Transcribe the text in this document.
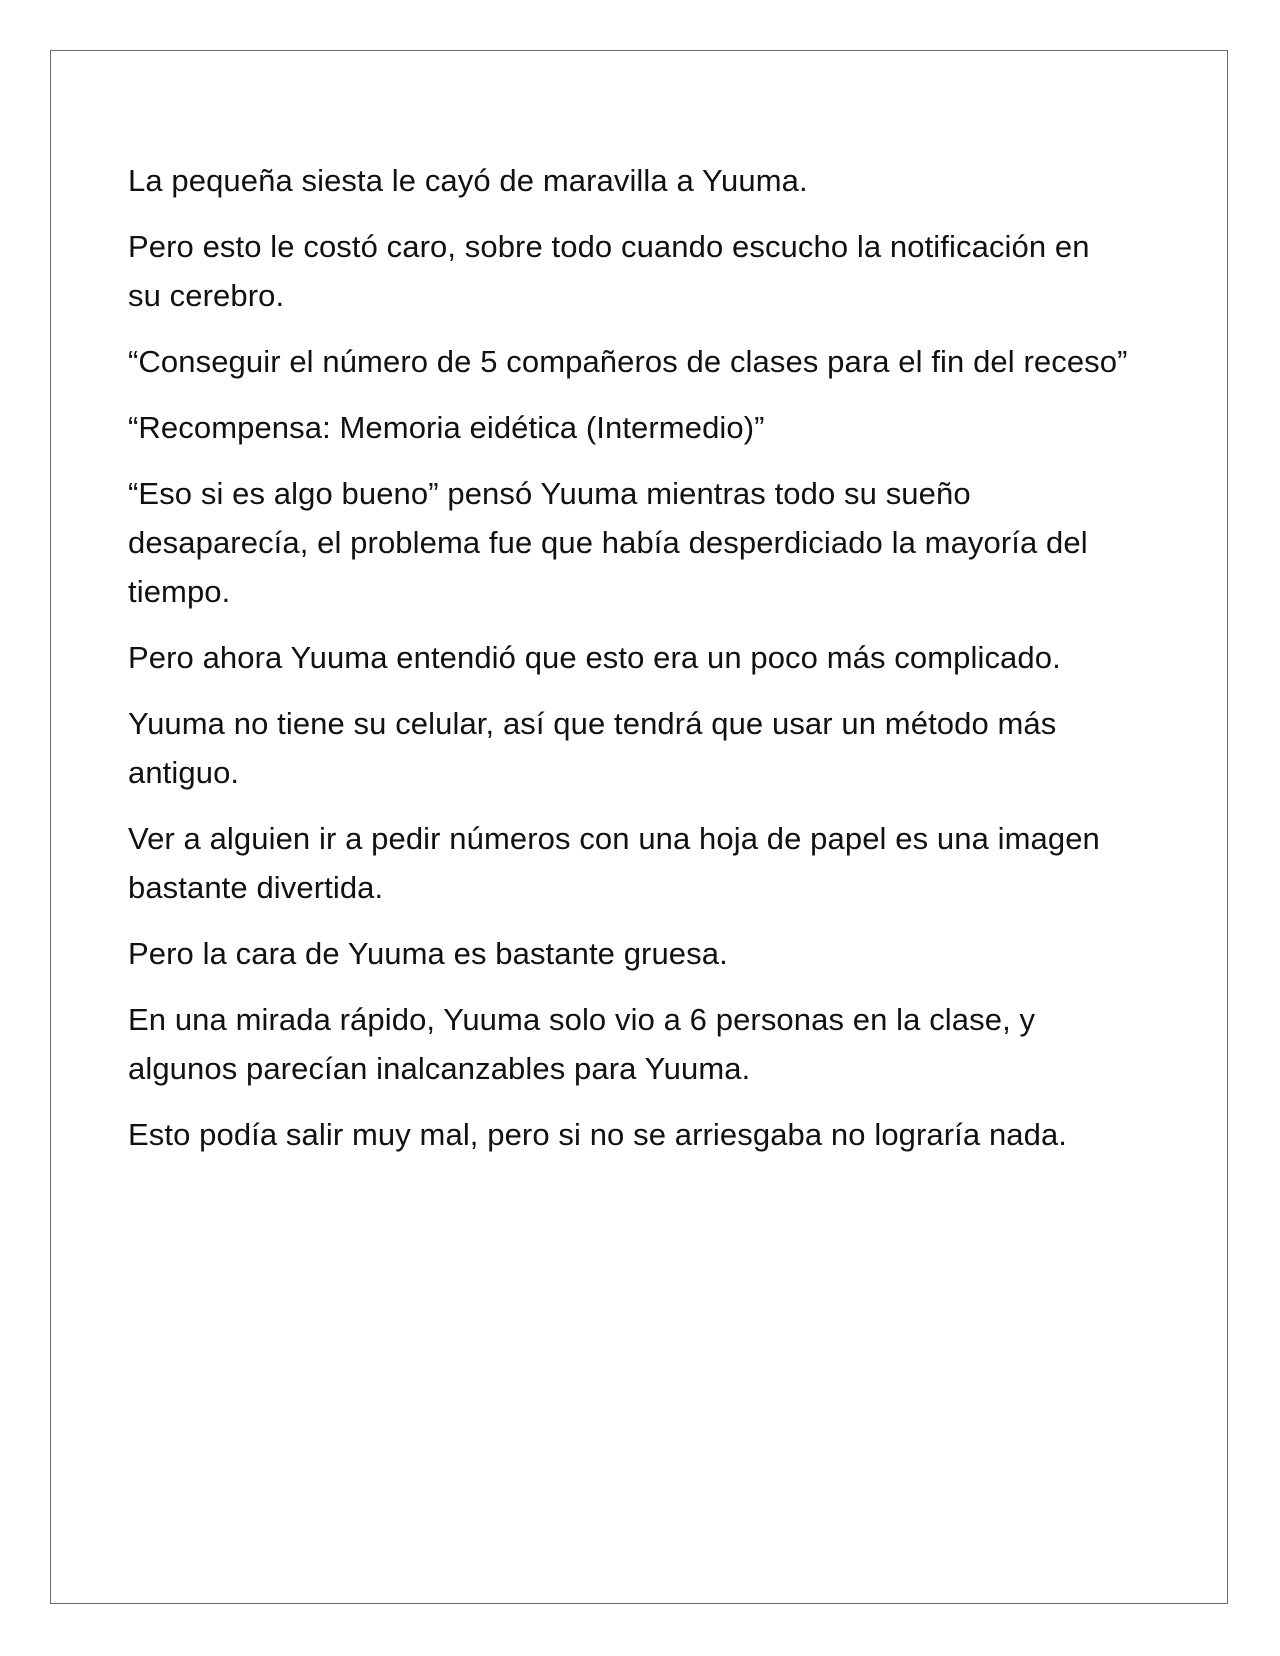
La pequeña siesta le cayó de maravilla a Yuuma.

Pero esto le costó caro, sobre todo cuando escucho la notificación en su cerebro.

“Conseguir el número de 5 compañeros de clases para el fin del receso”

“Recompensa: Memoria eidética (Intermedio)”

“Eso si es algo bueno” pensó Yuuma mientras todo su sueño desaparecía, el problema fue que había desperdiciado la mayoría del tiempo.

Pero ahora Yuuma entendió que esto era un poco más complicado.

Yuuma no tiene su celular, así que tendrá que usar un método más antiguo.

Ver a alguien ir a pedir números con una hoja de papel es una imagen bastante divertida.

Pero la cara de Yuuma es bastante gruesa.

En una mirada rápido, Yuuma solo vio a 6 personas en la clase, y algunos parecían inalcanzables para Yuuma.

Esto podía salir muy mal, pero si no se arriesgaba no lograría nada.
